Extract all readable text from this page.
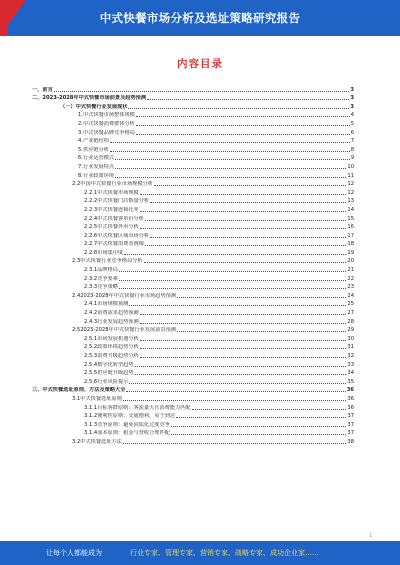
中式快餐市场分析及选址策略研究报告
内容目录
一、 前言	3
二、 2023-2028年中式快餐市场前景及趋势预测	3
（一） 中式快餐行业发展现状	3
1. 中式快餐市场整体规模	4
2. 中式快餐消费群体分析	5
3. 中式快餐品牌竞争格局	6
4. 产业链结构	7
5. 供应链分析	8
6. 行业运营模式	9
7. 行业发展特点	10
8. 行业政策环境	11
2.2 中国中式快餐行业市场规模分析	12
2.2.1 中式快餐市场规模	12
2.2.2 中式快餐门店数量分析	13
2.2.3 中式快餐连锁化率	14
2.2.4 中式快餐客单价分析	15
2.2.5 中式快餐外卖分析	16
2.2.6 中式快餐区域市场分析	17
2.2.7 中式快餐消费者画像	18
2.2.8 市场集中度	19
2.3 中式快餐行业竞争格局分析	20
2.3.1 品牌格局	21
2.3.2 竞争要素	22
2.3.3 竞争策略	23
2.4 2023-2028年中式快餐行业市场趋势预测	24
2.4.1 市场规模预测	25
2.4.2 消费需求趋势预测	27
2.4.3 行业发展趋势预测	28
2.5 2023-2028年中式快餐行业发展前景预测	29
2.5.1 市场发展机遇分析	30
2.5.2 政策环境趋势分析	31
2.5.3 消费升级趋势分析	32
2.5.4 数字化转型趋势	33
2.5.5 供应链升级趋势	34
2.5.6 行业风险提示	35
三、 中式快餐选址原则、方法及策略大全	36
3.1 中式快餐选址原则	36
3.1.1 目标客群原则：客流量大且消费能力匹配	36
3.1.2 便利性原则：交通便利、易于到达	37
3.1.3 竞争原则：避免同质化过度竞争	37
3.1.4 成本原则：租金与营收合理匹配	37
3.2 中式快餐选址方法	38
1
让每个人都能成为	行业专家、管理专家、营销专家、战略专家、成功企业家……
